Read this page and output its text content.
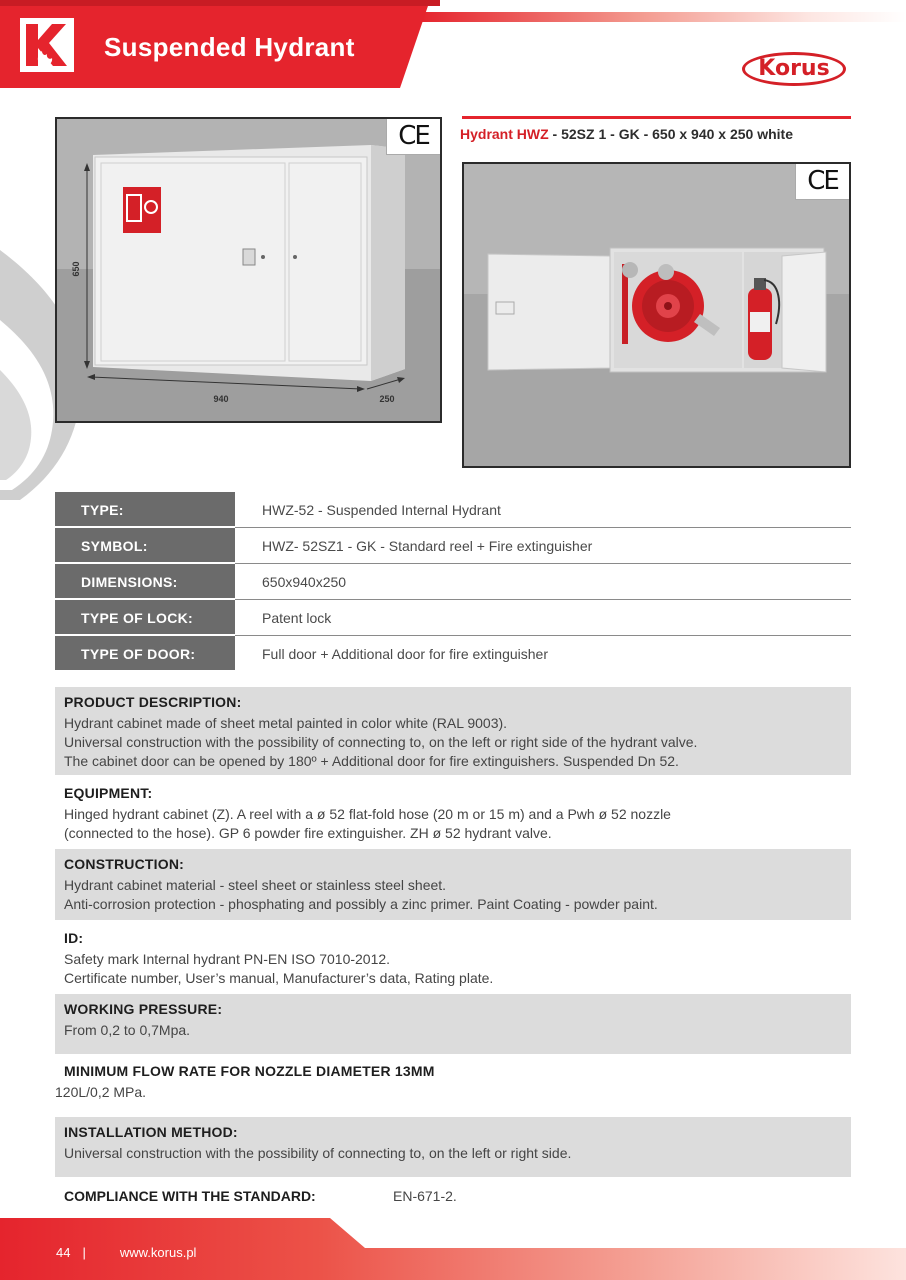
Suspended Hydrant
Korus
650
940	250
CE	Hydrant HWZ - 52SZ 1 - GK - 650 x 940 x 250 white
CE
TYPE:	HWZ-52 - Suspended Internal Hydrant
SYMBOL:	HWZ- 52SZ1 - GK - Standard reel + Fire extinguisher
DIMENSIONS:	650x940x250
TYPE OF LOCK:	Patent lock
TYPE OF DOOR:	Full door + Additional door for fire extinguisher
PRODUCT DESCRIPTION:

Hydrant cabinet made of sheet metal painted in color white (RAL 9003).

Universal construction with the possibility of connecting to, on the left or right side of the hydrant valve.

The cabinet door can be opened by 180º + Additional door for fire extinguishers. Suspended Dn 52.

EQUIPMENT:

Hinged hydrant cabinet (Z). A reel with a ø 52 flat-fold hose (20 m or 15 m) and a Pwh ø 52 nozzle

(connected to the hose). GP 6 powder fire extinguisher. ZH ø 52 hydrant valve.

CONSTRUCTION:

Hydrant cabinet material - steel sheet or stainless steel sheet.

Anti-corrosion protection - phosphating and possibly a zinc primer. Paint Coating - powder paint.

ID:

Safety mark Internal hydrant PN-EN ISO 7010-2012.

Certificate number, User’s manual, Manufacturer’s data, Rating plate.

WORKING PRESSURE:

From 0,2 to 0,7Mpa.

MINIMUM FLOW RATE FOR NOZZLE DIAMETER 13MM

120L/0,2 MPa.

INSTALLATION METHOD:

Universal construction with the possibility of connecting to, on the left or right side.

COMPLIANCE WITH THE STANDARD:	EN-671-2.
44 |	www.korus.pl
